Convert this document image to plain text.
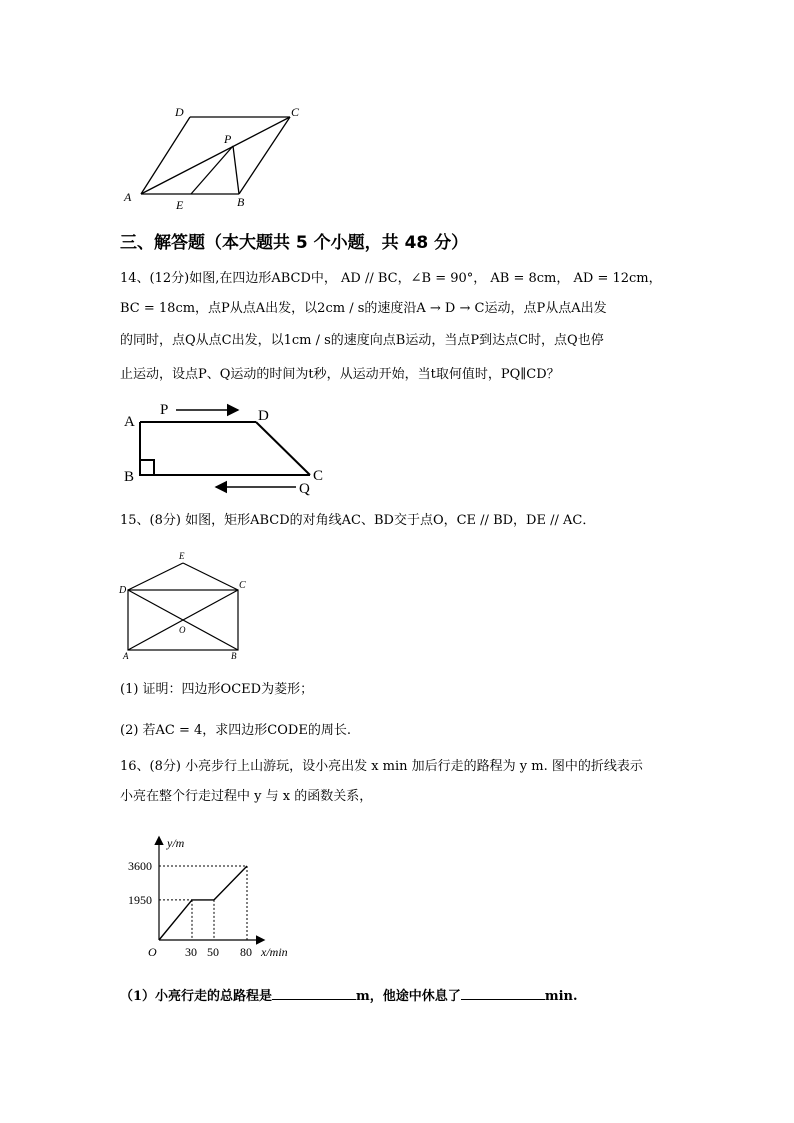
D	C
P
A
E	B
三、解答题（本大题共 5 个小题，共 48 分）
14、(12分)如图,在四边形ABCD中， AD // BC，∠B = 90°， AB = 8cm， AD = 12cm，
BC = 18cm，点P从点A出发，以2cm / s的速度沿A → D → C运动，点P从点A出发
的同时，点Q从点C出发，以1cm / s的速度向点B运动，当点P到达点C时，点Q也停
止运动，设点P、Q运动的时间为t秒，从运动开始，当t取何值时，PQ∥CD？
A
P	D
B	C
Q
15、(8分) 如图，矩形ABCD的对角线AC、BD交于点O，CE // BD，DE // AC．
E
D	C
O
A	B
(1) 证明：四边形OCED为菱形；
(2) 若AC = 4，求四边形CODE的周长.
16、(8分) 小亮步行上山游玩，设小亮出发 x min 加后行走的路程为 y m. 图中的折线表示
小亮在整个行走过程中 y 与 x 的函数关系，
y/m
x/min
O 30 50 80
1950
3600
（1）小亮行走的总路程是	m，他途中休息了	min.
